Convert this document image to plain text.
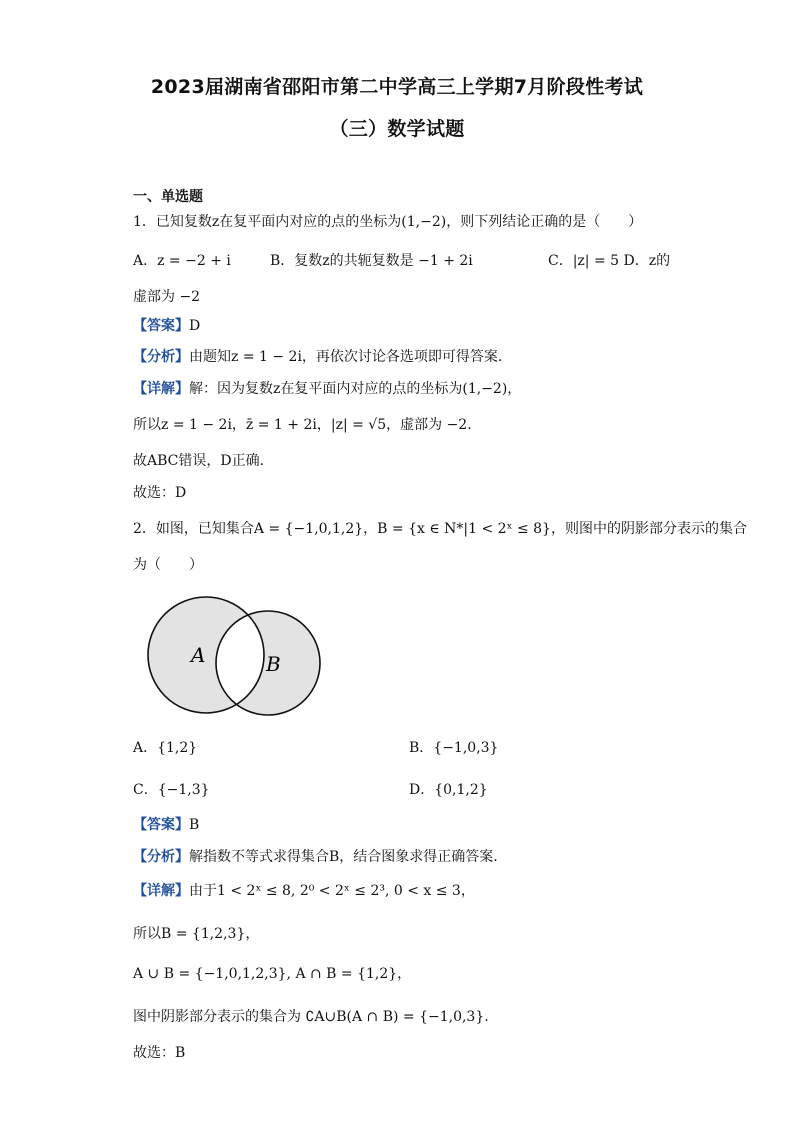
2023届湖南省邵阳市第二中学高三上学期7月阶段性考试
（三）数学试题
一、单选题
1．已知复数z在复平面内对应的点的坐标为(1,−2)，则下列结论正确的是（　　）
A．z = −2 + i	B．复数z的共轭复数是 −1 + 2i	C．|z| = 5 D．z的
虚部为 −2
【答案】D
【分析】由题知z = 1 − 2i，再依次讨论各选项即可得答案.
【详解】解：因为复数z在复平面内对应的点的坐标为(1,−2)，
所以z = 1 − 2i，z̄ = 1 + 2i，|z| = √5，虚部为 −2.
故ABC错误，D正确.
故选：D
2．如图，已知集合A = {−1,0,1,2}，B = {x ∈ N*|1 < 2ˣ ≤ 8}，则图中的阴影部分表示的集合
为（　　）
A	B
A．{1,2}	B．{−1,0,3}
C．{−1,3}	D．{0,1,2}
【答案】B
【分析】解指数不等式求得集合B，结合图象求得正确答案.
【详解】由于1 < 2ˣ ≤ 8, 2⁰ < 2ˣ ≤ 2³, 0 < x ≤ 3，
所以B = {1,2,3}，
A ∪ B = {−1,0,1,2,3}, A ∩ B = {1,2}，
图中阴影部分表示的集合为 ∁A∪B(A ∩ B) = {−1,0,3}.
故选：B
